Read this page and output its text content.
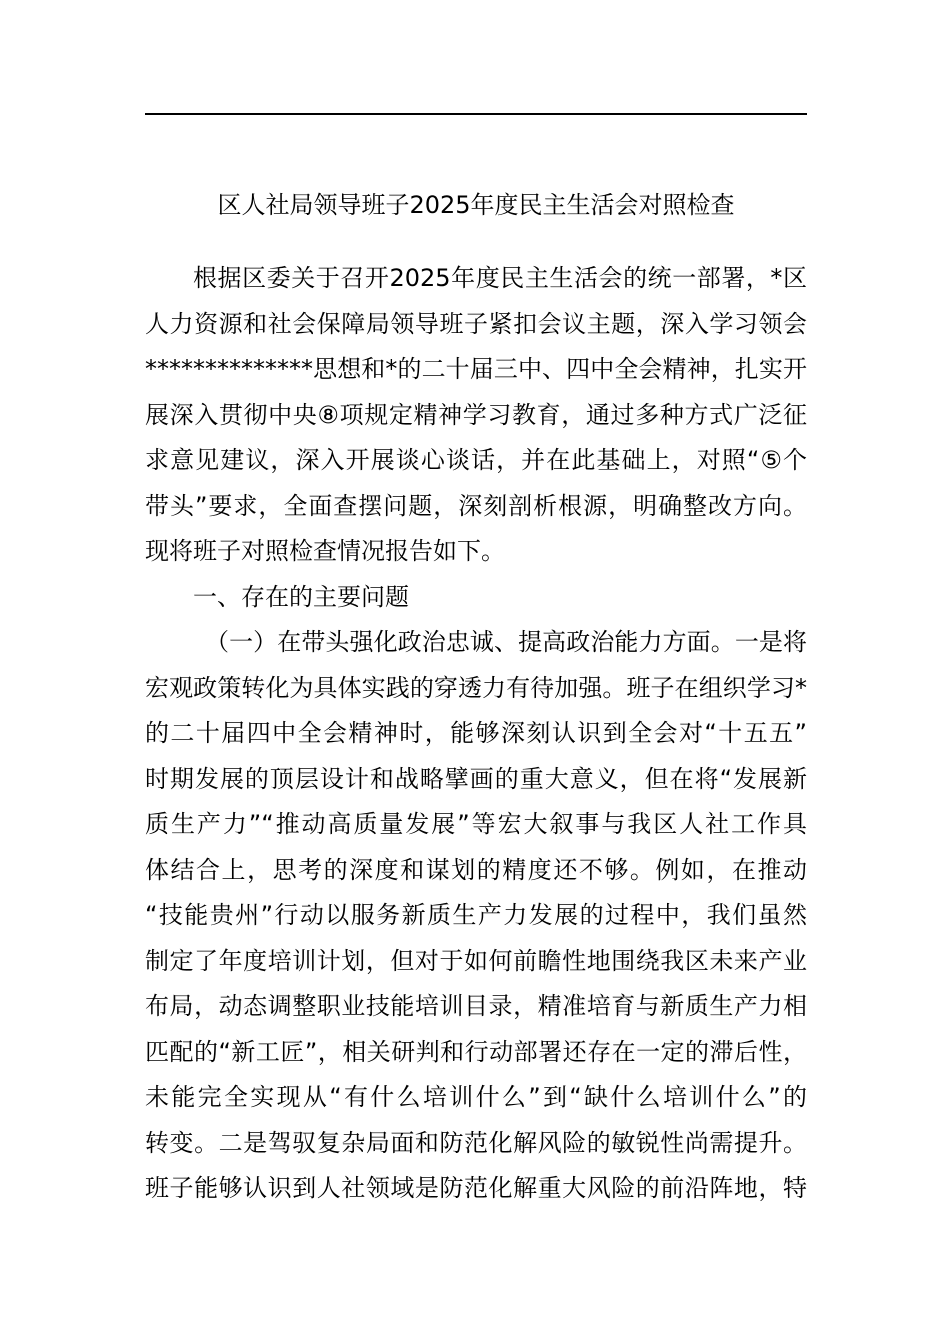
区人社局领导班子2025年度民主生活会对照检查

根据区委关于召开2025年度民主生活会的统一部署，*区
人力资源和社会保障局领导班子紧扣会议主题，深入学习领会
**************思想和*的二十届三中、四中全会精神，扎实开
展深入贯彻中央⑧项规定精神学习教育，通过多种方式广泛征
求意见建议，深入开展谈心谈话，并在此基础上，对照“⑤个
带头”要求，全面查摆问题，深刻剖析根源，明确整改方向。
现将班子对照检查情况报告如下。

一、存在的主要问题

（一）在带头强化政治忠诚、提高政治能力方面。一是将
宏观政策转化为具体实践的穿透力有待加强。班子在组织学习*
的二十届四中全会精神时，能够深刻认识到全会对“十五五”
时期发展的顶层设计和战略擘画的重大意义，但在将“发展新
质生产力”“推动高质量发展”等宏大叙事与我区人社工作具
体结合上，思考的深度和谋划的精度还不够。例如，在推动
“技能贵州”行动以服务新质生产力发展的过程中，我们虽然
制定了年度培训计划，但对于如何前瞻性地围绕我区未来产业
布局，动态调整职业技能培训目录，精准培育与新质生产力相
匹配的“新工匠”，相关研判和行动部署还存在一定的滞后性，
未能完全实现从“有什么培训什么”到“缺什么培训什么”的
转变。二是驾驭复杂局面和防范化解风险的敏锐性尚需提升。
班子能够认识到人社领域是防范化解重大风险的前沿阵地，特
